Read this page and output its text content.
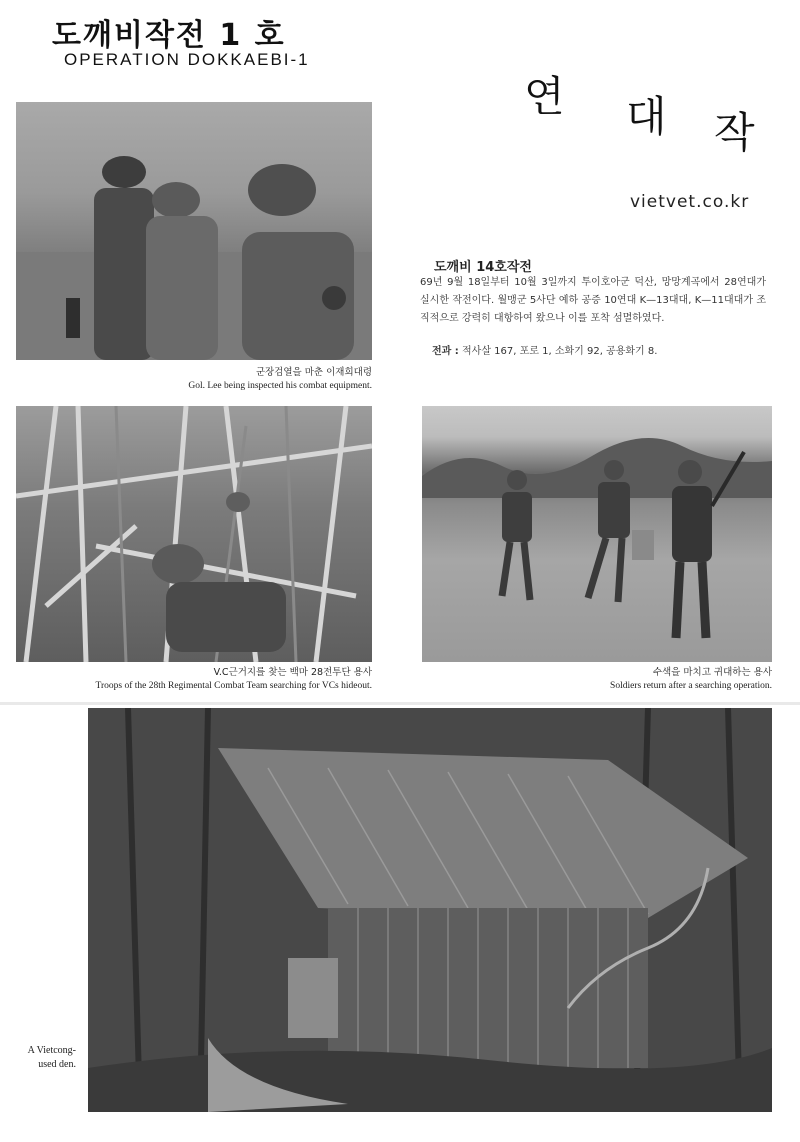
도깨비작전 1 호
OPERATION DOKKAEBI-1
연 대 작
vietvet.co.kr
도깨비 14호작전
69년 9월 18일부터 10월 3일까지 투이호아군 덕산, 망망계곡에서 28연대가 실시한 작전이다. 월맹군 5사단 예하 공증 10연대 K—13대대, K—11대대가 조직적으로 강력히 대항하여 왔으나 이를 포착 섬멸하였다.
전과 : 적사살 167, 포로 1, 소화기 92, 공용화기 8.
군장검열을 마춘 이재희대령
Gol. Lee being inspected his combat equipment.
V.C근거지를 찾는 백마 28전투단 용사
Troops of the 28th Regimental Combat Team searching for VCs hideout.
수색을 마치고 귀대하는 용사
Soldiers return after a searching operation.
A Vietcong-used den.
